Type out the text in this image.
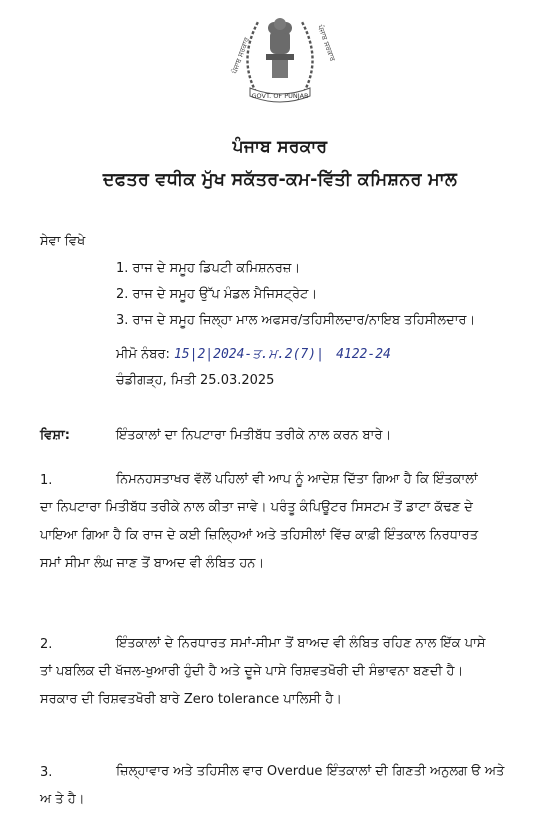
ਪੰਜਾਬ ਸਰਕਾਰ	ਪੰਜਾਬ ਸਰਕਾਰ
GOVT. OF PUNJAB
ਪੰਜਾਬ ਸਰਕਾਰ
ਦਫਤਰ ਵਧੀਕ ਮੁੱਖ ਸਕੱਤਰ-ਕਮ-ਵਿੱਤੀ ਕਮਿਸ਼ਨਰ ਮਾਲ
ਸੇਵਾ ਵਿਖੇ
1. ਰਾਜ ਦੇ ਸਮੂਹ ਡਿਪਟੀ ਕਮਿਸ਼ਨਰਜ਼।
2. ਰਾਜ ਦੇ ਸਮੂਹ ਉੱਪ ਮੰਡਲ ਮੈਜਿਸਟ੍ਰੇਟ।
3. ਰਾਜ ਦੇ ਸਮੂਹ ਜਿਲ੍ਹਾ ਮਾਲ ਅਫਸਰ/ਤਹਿਸੀਲਦਾਰ/ਨਾਇਬ ਤਹਿਸੀਲਦਾਰ।
ਮੀਮੋ ਨੰਬਰ: 15|2|2024-ਤ.ਮ.2(7)| 4122-24
ਚੰਡੀਗੜ੍ਹ, ਮਿਤੀ 25.03.2025
ਵਿਸ਼ਾ:	ਇੰਤਕਾਲਾਂ ਦਾ ਨਿਪਟਾਰਾ ਮਿਤੀਬੱਧ ਤਰੀਕੇ ਨਾਲ ਕਰਨ ਬਾਰੇ।
1.	ਨਿਮਨਹਸਤਾਖਰ ਵੱਲੋਂ ਪਹਿਲਾਂ ਵੀ ਆਪ ਨੂੰ ਆਦੇਸ਼ ਦਿੱਤਾ ਗਿਆ ਹੈ ਕਿ ਇੰਤਕਾਲਾਂ
ਦਾ ਨਿਪਟਾਰਾ ਮਿਤੀਬੱਧ ਤਰੀਕੇ ਨਾਲ ਕੀਤਾ ਜਾਵੇ। ਪਰੰਤੂ ਕੰਪਿਊਟਰ ਸਿਸਟਮ ਤੋਂ ਡਾਟਾ ਕੱਢਣ ਦੇ
ਪਾਇਆ ਗਿਆ ਹੈ ਕਿ ਰਾਜ ਦੇ ਕਈ ਜ਼ਿਲ੍ਹਿਆਂ ਅਤੇ ਤਹਿਸੀਲਾਂ ਵਿੱਚ ਕਾਫ਼ੀ ਇੰਤਕਾਲ ਨਿਰਧਾਰਤ
ਸਮਾਂ ਸੀਮਾ ਲੰਘ ਜਾਣ ਤੋਂ ਬਾਅਦ ਵੀ ਲੰਬਿਤ ਹਨ।
2.	ਇੰਤਕਾਲਾਂ ਦੇ ਨਿਰਧਾਰਤ ਸਮਾਂ-ਸੀਮਾ ਤੋਂ ਬਾਅਦ ਵੀ ਲੰਬਿਤ ਰਹਿਣ ਨਾਲ ਇੱਕ ਪਾਸੇ
ਤਾਂ ਪਬਲਿਕ ਦੀ ਖੱਜਲ-ਖੁਆਰੀ ਹੁੰਦੀ ਹੈ ਅਤੇ ਦੂਜੇ ਪਾਸੇ ਰਿਸ਼ਵਤਖੋਰੀ ਦੀ ਸੰਭਾਵਨਾ ਬਣਦੀ ਹੈ।
ਸਰਕਾਰ ਦੀ ਰਿਸ਼ਵਤਖੋਰੀ ਬਾਰੇ Zero tolerance ਪਾਲਿਸੀ ਹੈ।
3.	ਜ਼ਿਲ੍ਹਾਵਾਰ ਅਤੇ ਤਹਿਸੀਲ ਵਾਰ Overdue ਇੰਤਕਾਲਾਂ ਦੀ ਗਿਣਤੀ ਅਨੁਲਗ ੳ ਅਤੇ
ਅ ਤੇ ਹੈ।
